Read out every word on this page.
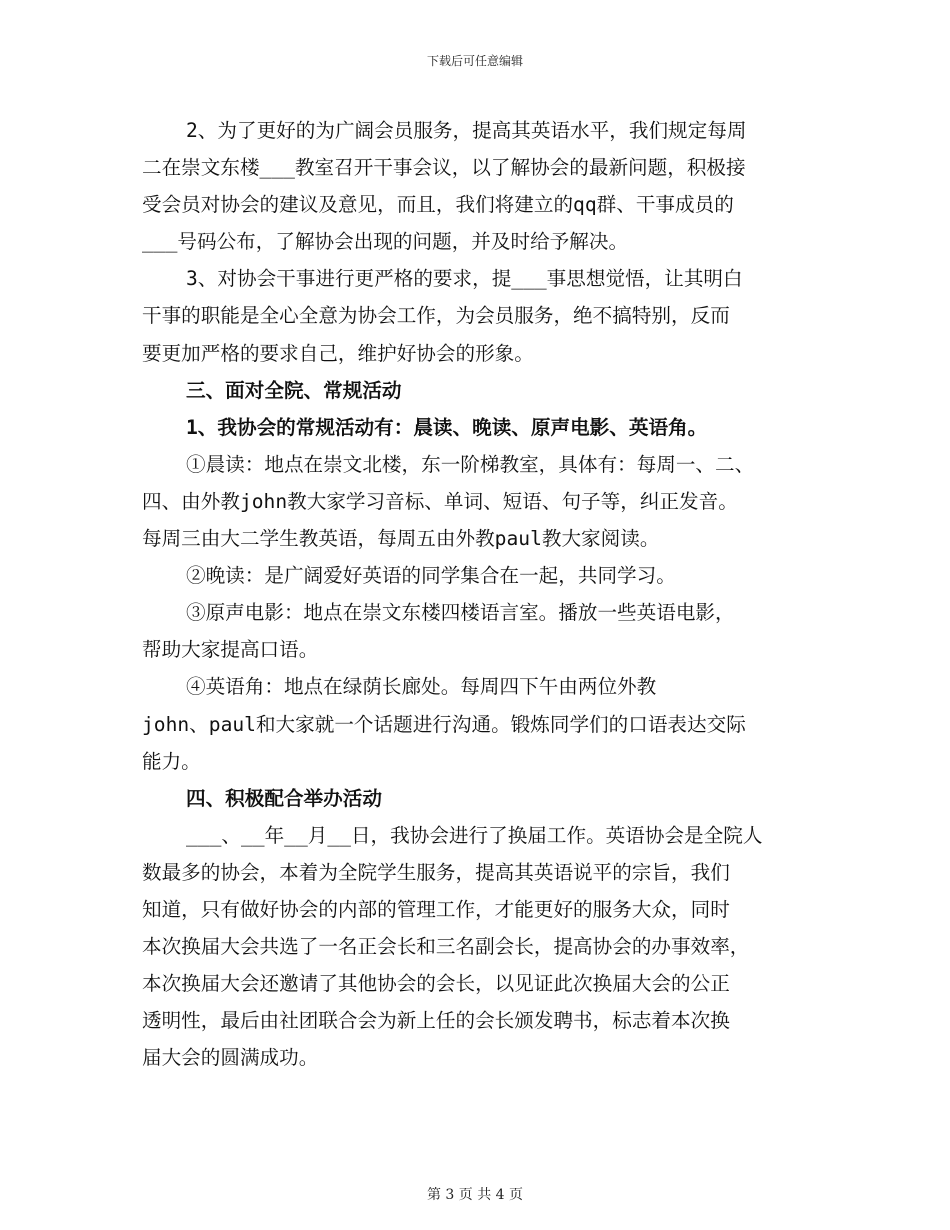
下载后可任意编辑

2、为了更好的为广阔会员服务，提高其英语水平，我们规定每周

二在崇文东楼___教室召开干事会议，以了解协会的最新问题，积极接

受会员对协会的建议及意见，而且，我们将建立的qq群、干事成员的

___号码公布，了解协会出现的问题，并及时给予解决。

3、对协会干事进行更严格的要求，提___事思想觉悟，让其明白

干事的职能是全心全意为协会工作，为会员服务，绝不搞特别，反而

要更加严格的要求自己，维护好协会的形象。

三、面对全院、常规活动

1、我协会的常规活动有：晨读、晚读、原声电影、英语角。

①晨读：地点在崇文北楼，东一阶梯教室，具体有：每周一、二、

四、由外教john教大家学习音标、单词、短语、句子等，纠正发音。

每周三由大二学生教英语，每周五由外教paul教大家阅读。

②晚读：是广阔爱好英语的同学集合在一起，共同学习。

③原声电影：地点在崇文东楼四楼语言室。播放一些英语电影，

帮助大家提高口语。

④英语角：地点在绿荫长廊处。每周四下午由两位外教

john、paul和大家就一个话题进行沟通。锻炼同学们的口语表达交际

能力。

四、积极配合举办活动

___、__年__月__日，我协会进行了换届工作。英语协会是全院人

数最多的协会，本着为全院学生服务，提高其英语说平的宗旨，我们

知道，只有做好协会的内部的管理工作，才能更好的服务大众，同时

本次换届大会共选了一名正会长和三名副会长，提高协会的办事效率，

本次换届大会还邀请了其他协会的会长，以见证此次换届大会的公正

透明性，最后由社团联合会为新上任的会长颁发聘书，标志着本次换

届大会的圆满成功。

第 3 页 共 4 页
